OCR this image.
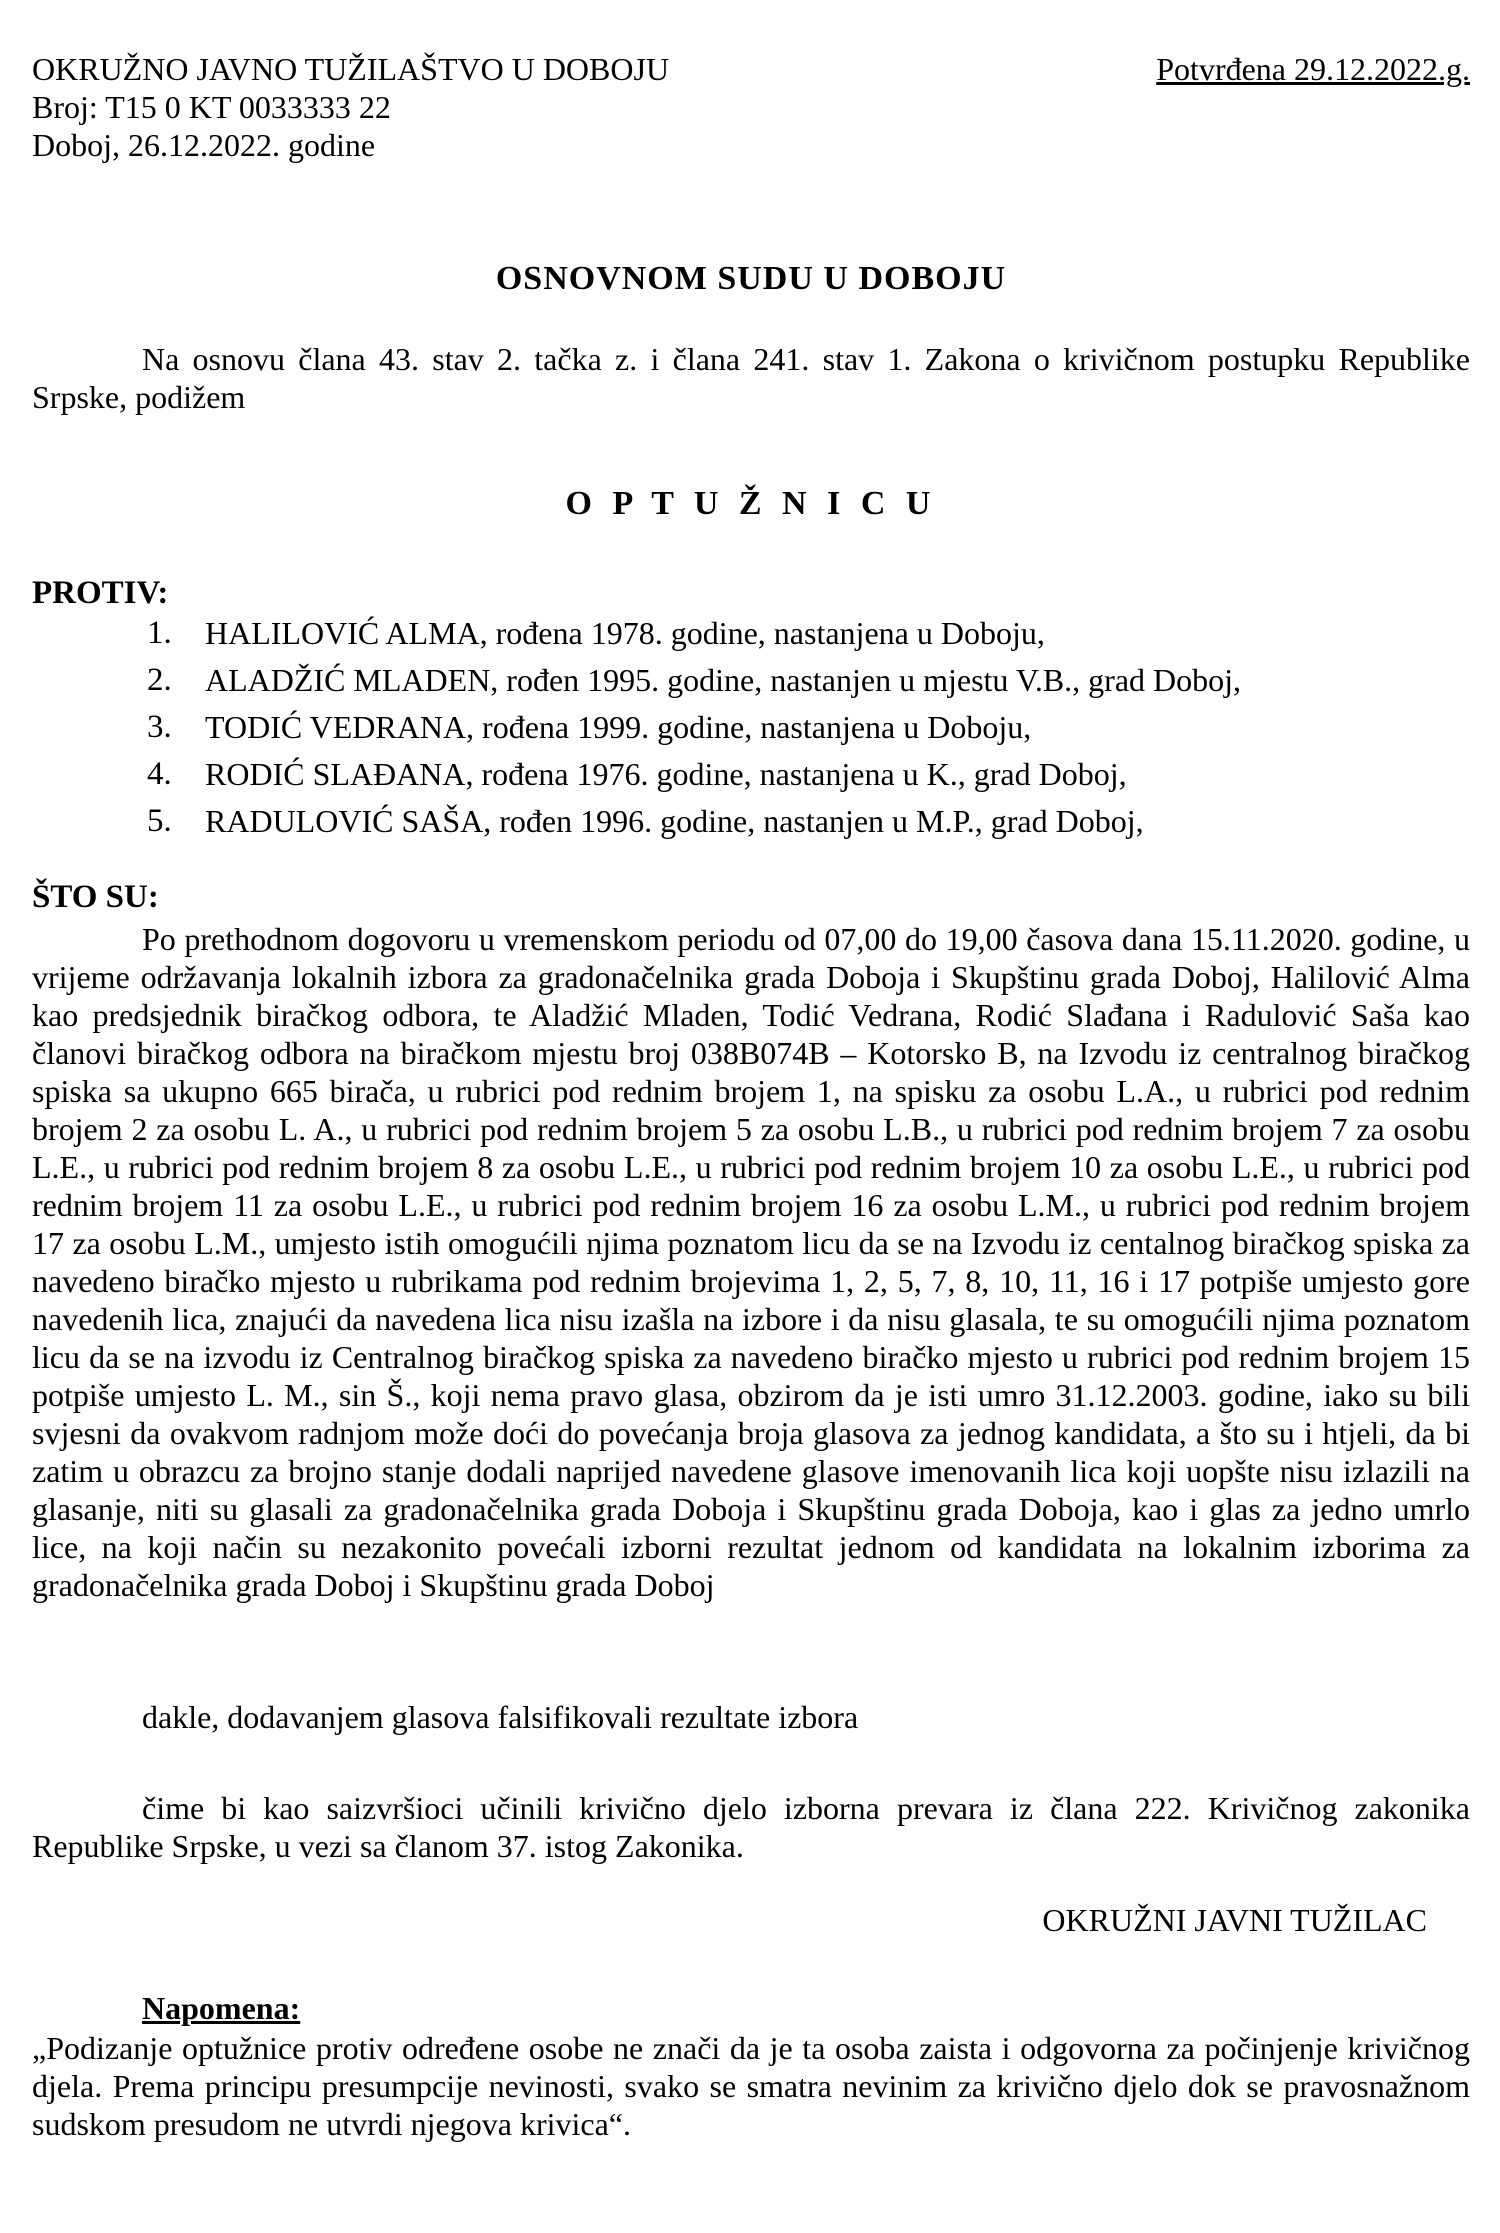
OKRUŽNO JAVNO TUŽILAŠTVO U DOBOJU	Potvrđena 29.12.2022.g.
Broj: T15 0 KT 0033333 22
Doboj, 26.12.2022. godine
OSNOVNOM SUDU U DOBOJU

Na osnovu člana 43. stav 2. tačka z. i člana 241. stav 1. Zakona o krivičnom postupku Republike Srpske, podižem

O P T U Ž N I C U
PROTIV:
1.	HALILOVIĆ ALMA, rođena 1978. godine, nastanjena u Doboju,
2.	ALADŽIĆ MLADEN, rođen 1995. godine, nastanjen u mjestu V.B., grad Doboj,
3.	TODIĆ VEDRANA, rođena 1999. godine, nastanjena u Doboju,
4.	RODIĆ SLAĐANA, rođena 1976. godine, nastanjena u K., grad Doboj,
5.	RADULOVIĆ SAŠA, rođen 1996. godine, nastanjen u M.P., grad Doboj,
ŠTO SU:

Po prethodnom dogovoru u vremenskom periodu od 07,00 do 19,00 časova dana 15.11.2020. godine, u vrijeme održavanja lokalnih izbora za gradonačelnika grada Doboja i Skupštinu grada Doboj, Halilović Alma kao predsjednik biračkog odbora, te Aladžić Mladen, Todić Vedrana, Rodić Slađana i Radulović Saša kao članovi biračkog odbora na biračkom mjestu broj 038B074B – Kotorsko B, na Izvodu iz centralnog biračkog spiska sa ukupno 665 birača, u rubrici pod rednim brojem 1, na spisku za osobu L.A., u rubrici pod rednim brojem 2 za osobu L. A., u rubrici pod rednim brojem 5 za osobu L.B., u rubrici pod rednim brojem 7 za osobu L.E., u rubrici pod rednim brojem 8 za osobu L.E., u rubrici pod rednim brojem 10 za osobu L.E., u rubrici pod rednim brojem 11 za osobu L.E., u rubrici pod rednim brojem 16 za osobu L.M., u rubrici pod rednim brojem 17 za osobu L.M., umjesto istih omogućili njima poznatom licu da se na Izvodu iz centalnog biračkog spiska za navedeno biračko mjesto u rubrikama pod rednim brojevima 1, 2, 5, 7, 8, 10, 11, 16 i 17 potpiše umjesto gore navedenih lica, znajući da navedena lica nisu izašla na izbore i da nisu glasala, te su omogućili njima poznatom licu da se na izvodu iz Centralnog biračkog spiska za navedeno biračko mjesto u rubrici pod rednim brojem 15 potpiše umjesto L. M., sin Š., koji nema pravo glasa, obzirom da je isti umro 31.12.2003. godine, iako su bili svjesni da ovakvom radnjom može doći do povećanja broja glasova za jednog kandidata, a što su i htjeli, da bi zatim u obrazcu za brojno stanje dodali naprijed navedene glasove imenovanih lica koji uopšte nisu izlazili na glasanje, niti su glasali za gradonačelnika grada Doboja i Skupštinu grada Doboja, kao i glas za jedno umrlo lice, na koji način su nezakonito povećali izborni rezultat jednom od kandidata na lokalnim izborima za gradonačelnika grada Doboj i Skupštinu grada Doboj

dakle, dodavanjem glasova falsifikovali rezultate izbora

čime bi kao saizvršioci učinili krivično djelo izborna prevara iz člana 222. Krivičnog zakonika Republike Srpske, u vezi sa članom 37. istog Zakonika.

OKRUŽNI JAVNI TUŽILAC
Napomena:

„Podizanje optužnice protiv određene osobe ne znači da je ta osoba zaista i odgovorna za počinjenje krivičnog djela. Prema principu presumpcije nevinosti, svako se smatra nevinim za krivično djelo dok se pravosnažnom sudskom presudom ne utvrdi njegova krivica“.
